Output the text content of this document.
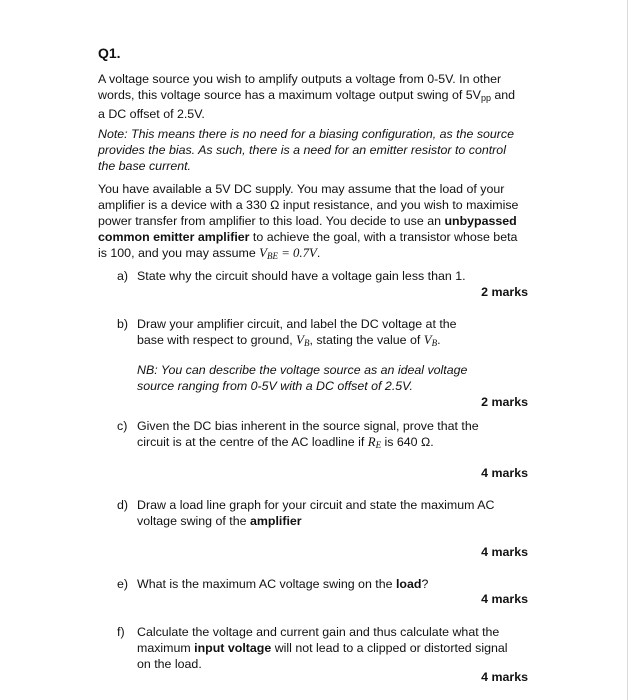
Q1.
A voltage source you wish to amplify outputs a voltage from 0-5V. In other
words, this voltage source has a maximum voltage output swing of $5V_{pp}$ and
a DC offset of 2.5V.
Note: This means there is no need for a biasing configuration, as the source
provides the bias. As such, there is a need for an emitter resistor to control
the base current.
You have available a 5V DC supply. You may assume that the load of your
amplifier is a device with a 330 Ω input resistance, and you wish to maximise
power transfer from amplifier to this load. You decide to use an unbypassed
common emitter amplifier to achieve the goal, with a transistor whose beta
is 100, and you may assume $V_{BE} = 0.7V$.
a) State why the circuit should have a voltage gain less than 1.
2 marks
b) Draw your amplifier circuit, and label the DC voltage at the
base with respect to ground, $V_B$, stating the value of $V_B$.
NB: You can describe the voltage source as an ideal voltage
source ranging from 0-5V with a DC offset of 2.5V.
2 marks
c) Given the DC bias inherent in the source signal, prove that the
circuit is at the centre of the AC loadline if $R_E$ is 640 Ω.
4 marks
d) Draw a load line graph for your circuit and state the maximum AC
voltage swing of the amplifier
4 marks
e) What is the maximum AC voltage swing on the load?
4 marks
f)	Calculate the voltage and current gain and thus calculate what the
maximum input voltage will not lead to a clipped or distorted signal
on the load.
4 marks
